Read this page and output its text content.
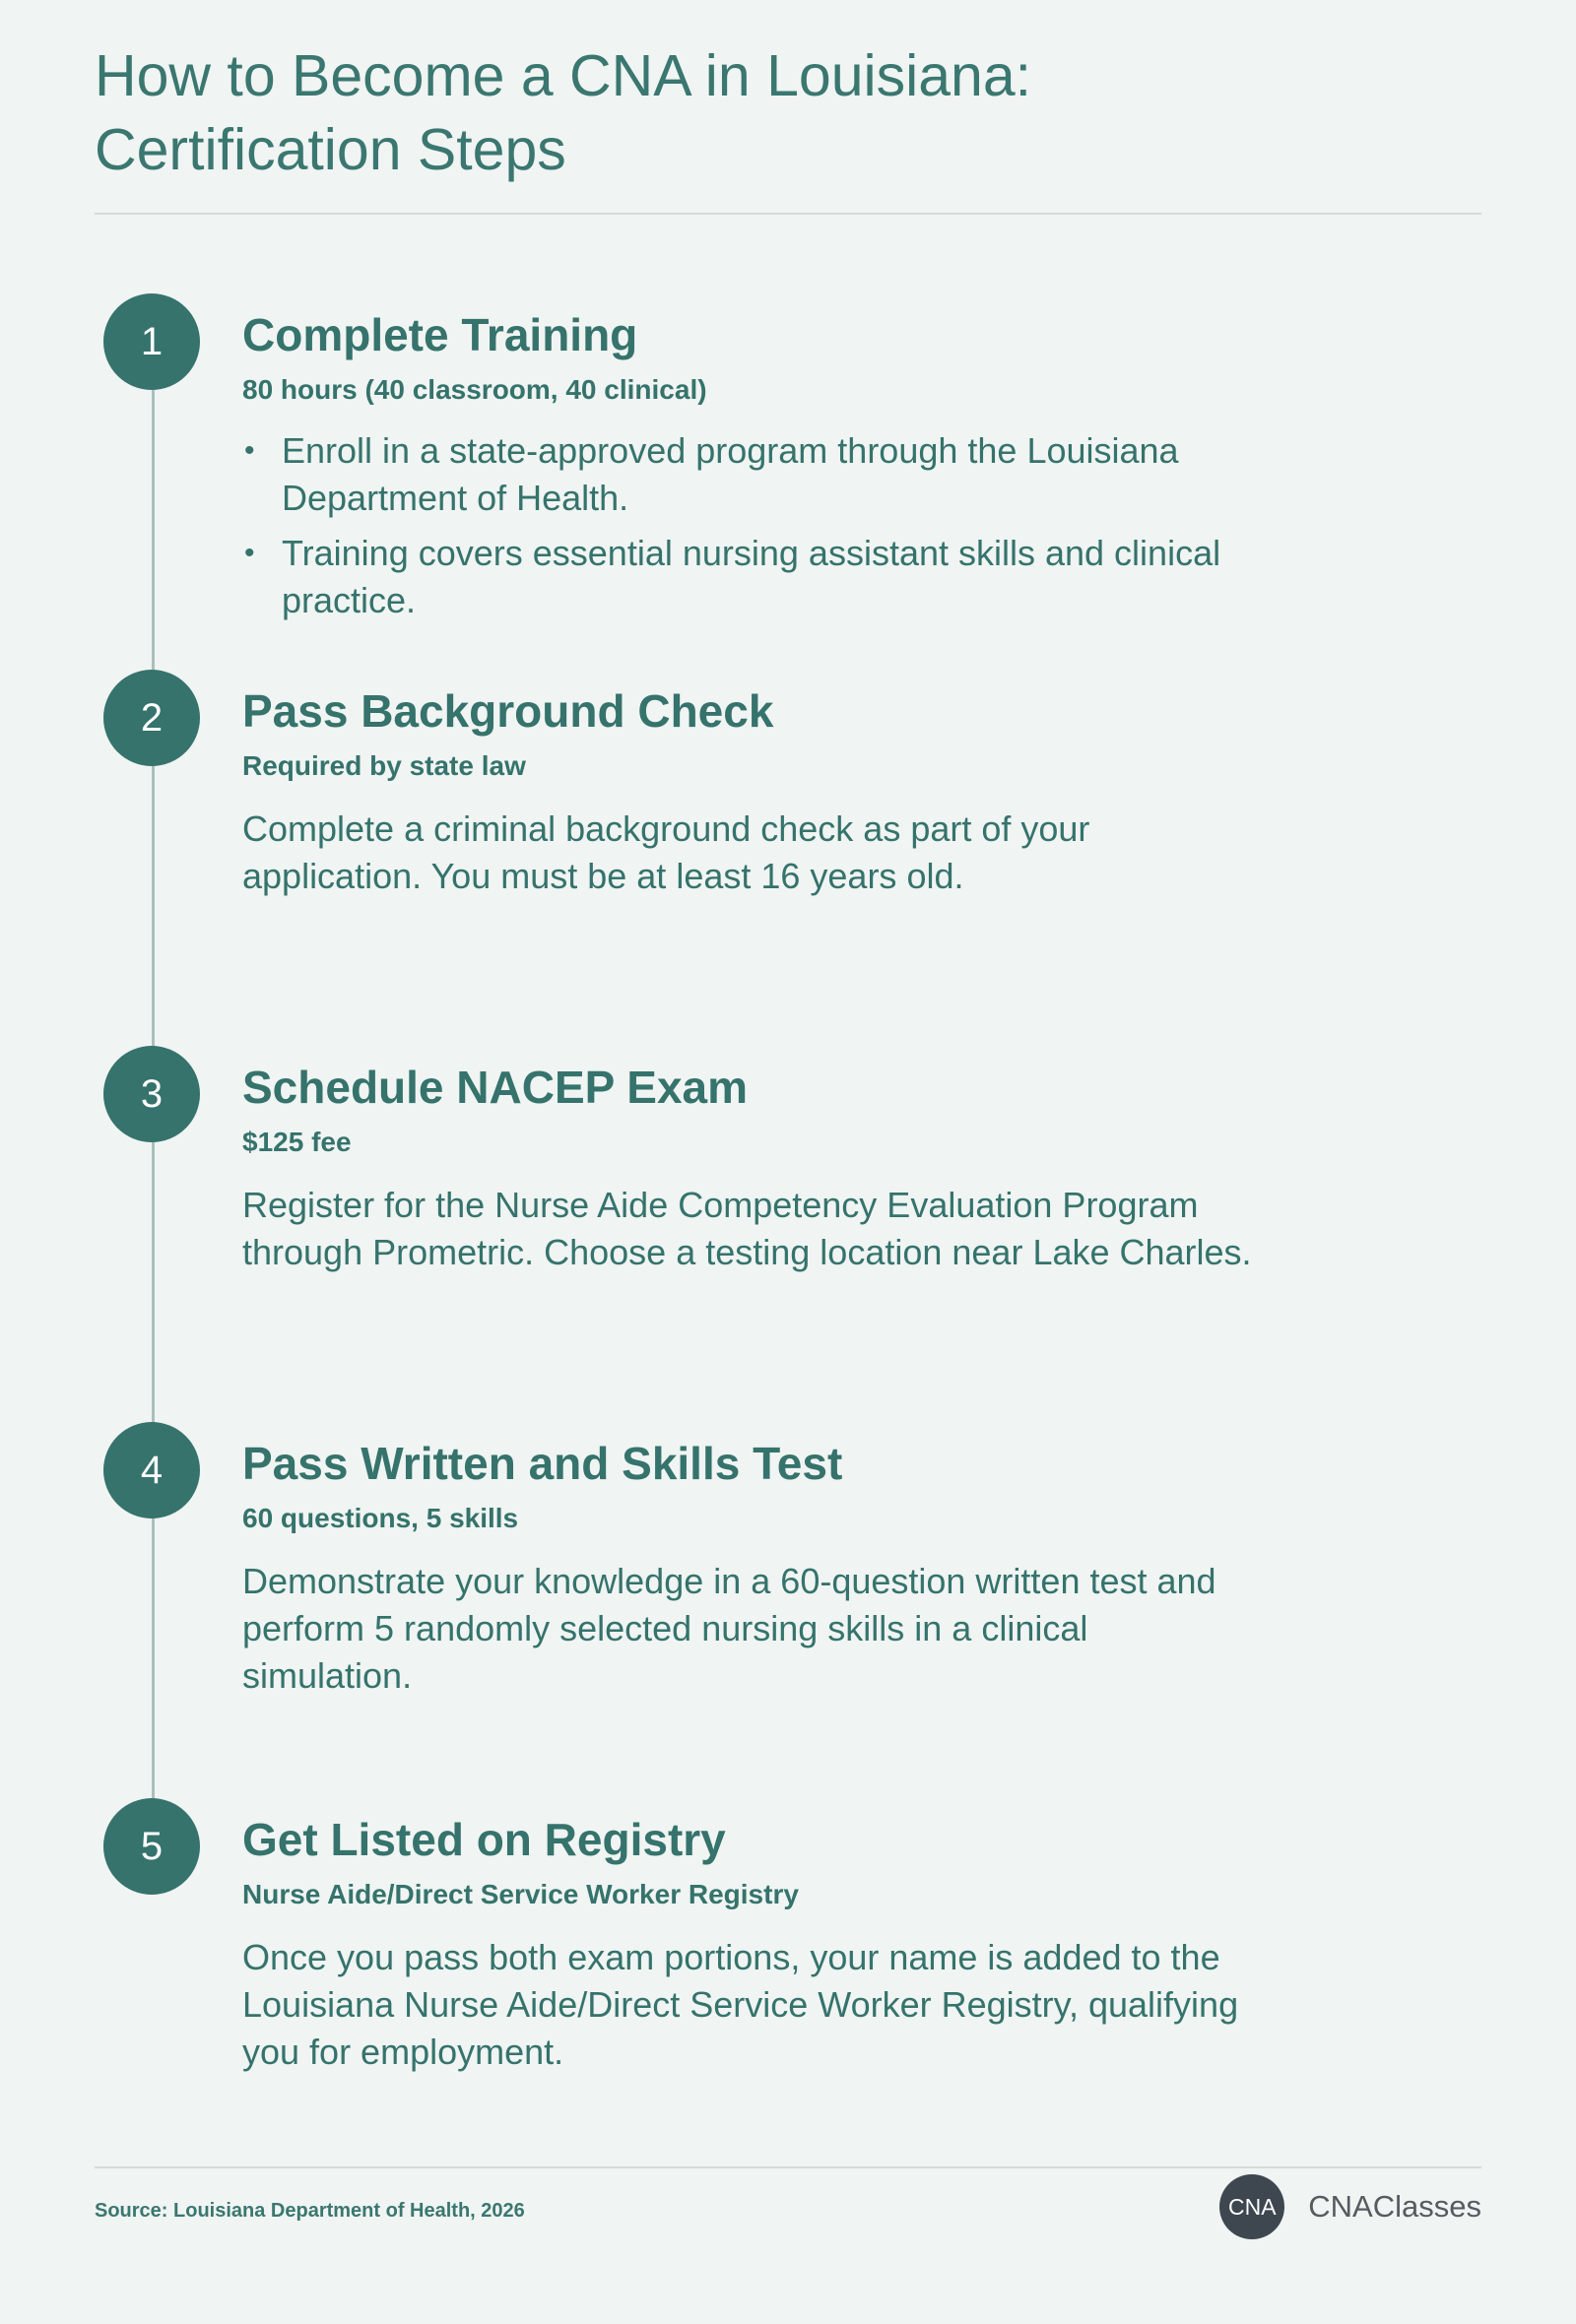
How to Become a CNA in Louisiana:
Certification Steps
1	Complete Training

80 hours (40 classroom, 40 clinical)

• Enroll in a state-approved program through the Louisiana Department of Health.
• Training covers essential nursing assistant skills and clinical practice.
2	Pass Background Check

Required by state law

Complete a criminal background check as part of your application. You must be at least 16 years old.

3	Schedule NACEP Exam

$125 fee

Register for the Nurse Aide Competency Evaluation Program through Prometric. Choose a testing location near Lake Charles.

4	Pass Written and Skills Test

60 questions, 5 skills

Demonstrate your knowledge in a 60-question written test and perform 5 randomly selected nursing skills in a clinical simulation.

5	Get Listed on Registry

Nurse Aide/Direct Service Worker Registry

Once you pass both exam portions, your name is added to the Louisiana Nurse Aide/Direct Service Worker Registry, qualifying you for employment.

Source: Louisiana Department of Health, 2026	CNA CNAClasses
